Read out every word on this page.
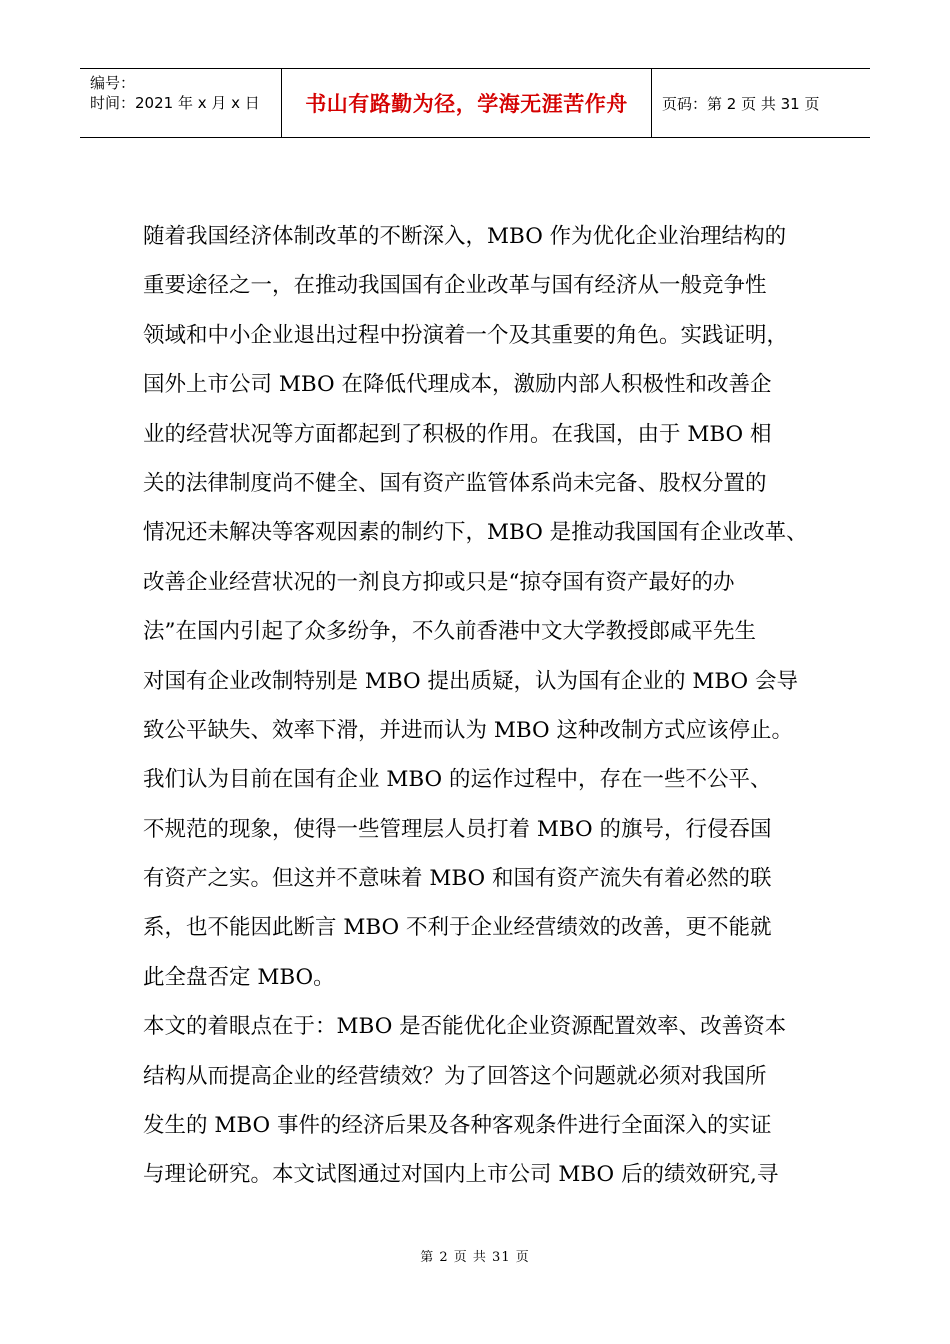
编号：
时间：2021 年 x 月 x 日	书山有路勤为径，学海无涯苦作舟 页码：第 2 页 共 31 页
随着我国经济体制改革的不断深入，MBO 作为优化企业治理结构的
重要途径之一，在推动我国国有企业改革与国有经济从一般竞争性
领域和中小企业退出过程中扮演着一个及其重要的角色。实践证明，
国外上市公司 MBO 在降低代理成本，激励内部人积极性和改善企
业的经营状况等方面都起到了积极的作用。在我国，由于 MBO 相
关的法律制度尚不健全、国有资产监管体系尚未完备、股权分置的
情况还未解决等客观因素的制约下，MBO 是推动我国国有企业改革、
改善企业经营状况的一剂良方抑或只是“掠夺国有资产最好的办
法”在国内引起了众多纷争，不久前香港中文大学教授郎咸平先生
对国有企业改制特别是 MBO 提出质疑，认为国有企业的 MBO 会导
致公平缺失、效率下滑，并进而认为 MBO 这种改制方式应该停止。
我们认为目前在国有企业 MBO 的运作过程中，存在一些不公平、
不规范的现象，使得一些管理层人员打着 MBO 的旗号，行侵吞国
有资产之实。但这并不意味着 MBO 和国有资产流失有着必然的联
系，也不能因此断言 MBO 不利于企业经营绩效的改善，更不能就
此全盘否定 MBO。
本文的着眼点在于：MBO 是否能优化企业资源配置效率、改善资本
结构从而提高企业的经营绩效？为了回答这个问题就必须对我国所
发生的 MBO 事件的经济后果及各种客观条件进行全面深入的实证
与理论研究。本文试图通过对国内上市公司 MBO 后的绩效研究,寻
第 2 页 共 31 页
